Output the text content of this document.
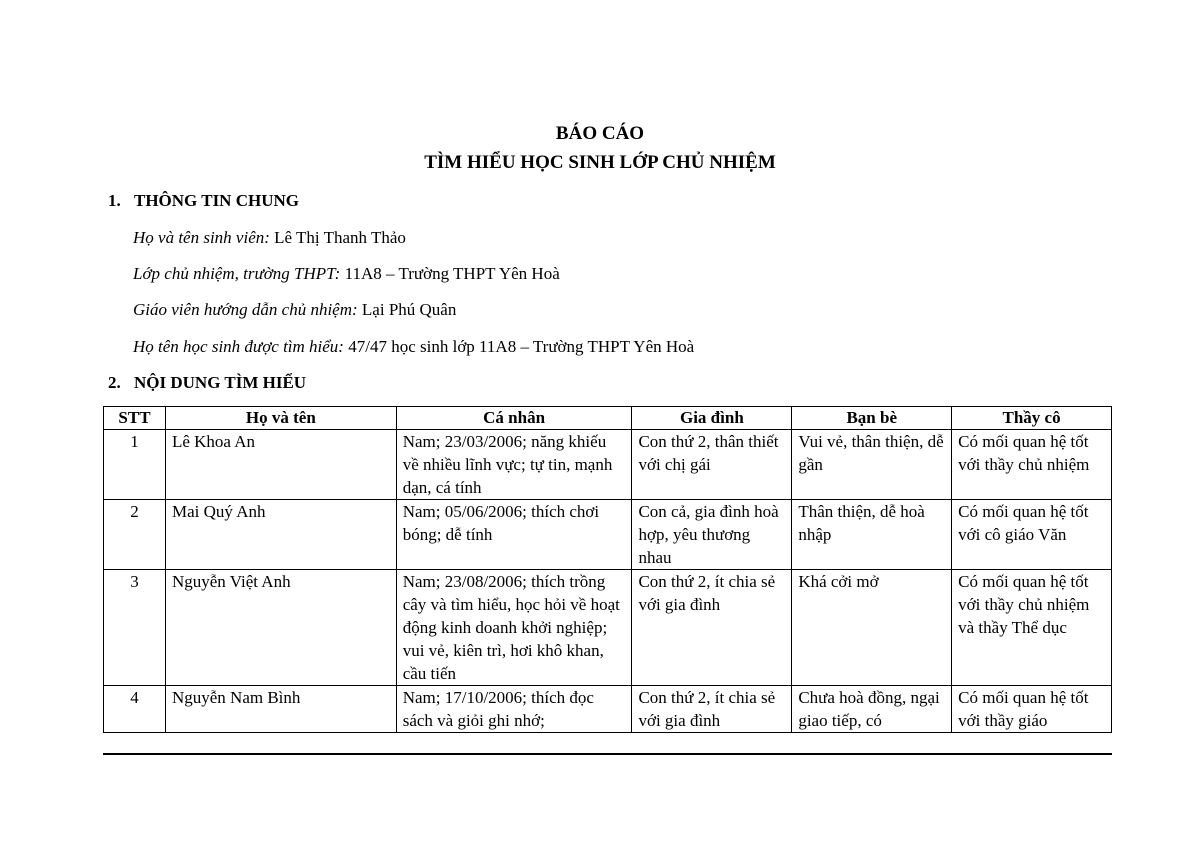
BÁO CÁO
TÌM HIỂU HỌC SINH LỚP CHỦ NHIỆM
1. THÔNG TIN CHUNG
Họ và tên sinh viên: Lê Thị Thanh Thảo
Lớp chủ nhiệm, trường THPT: 11A8 – Trường THPT Yên Hoà
Giáo viên hướng dẫn chủ nhiệm: Lại Phú Quân
Họ tên học sinh được tìm hiểu: 47/47 học sinh lớp 11A8 – Trường THPT Yên Hoà
2. NỘI DUNG TÌM HIỂU
STT	Họ và tên	Cá nhân	Gia đình	Bạn bè	Thầy cô
1	Lê Khoa An	Nam; 23/03/2006; năng khiếu về nhiều lĩnh vực; tự tin, mạnh dạn, cá tính	Con thứ 2, thân thiết với chị gái	Vui vẻ, thân thiện, dễ gần	Có mối quan hệ tốt với thầy chủ nhiệm
2	Mai Quý Anh	Nam; 05/06/2006; thích chơi bóng; dễ tính	Con cả, gia đình hoà hợp, yêu thương nhau	Thân thiện, dễ hoà nhập	Có mối quan hệ tốt với cô giáo Văn
3	Nguyễn Việt Anh	Nam; 23/08/2006; thích trồng cây và tìm hiểu, học hỏi về hoạt động kinh doanh khởi nghiệp; vui vẻ, kiên trì, hơi khô khan, cầu tiến	Con thứ 2, ít chia sẻ với gia đình	Khá cởi mở	Có mối quan hệ tốt với thầy chủ nhiệm và thầy Thể dục
4	Nguyễn Nam Bình	Nam; 17/10/2006; thích đọc sách và giỏi ghi nhớ;	Con thứ 2, ít chia sẻ với gia đình	Chưa hoà đồng, ngại giao tiếp, có	Có mối quan hệ tốt với thầy giáo
